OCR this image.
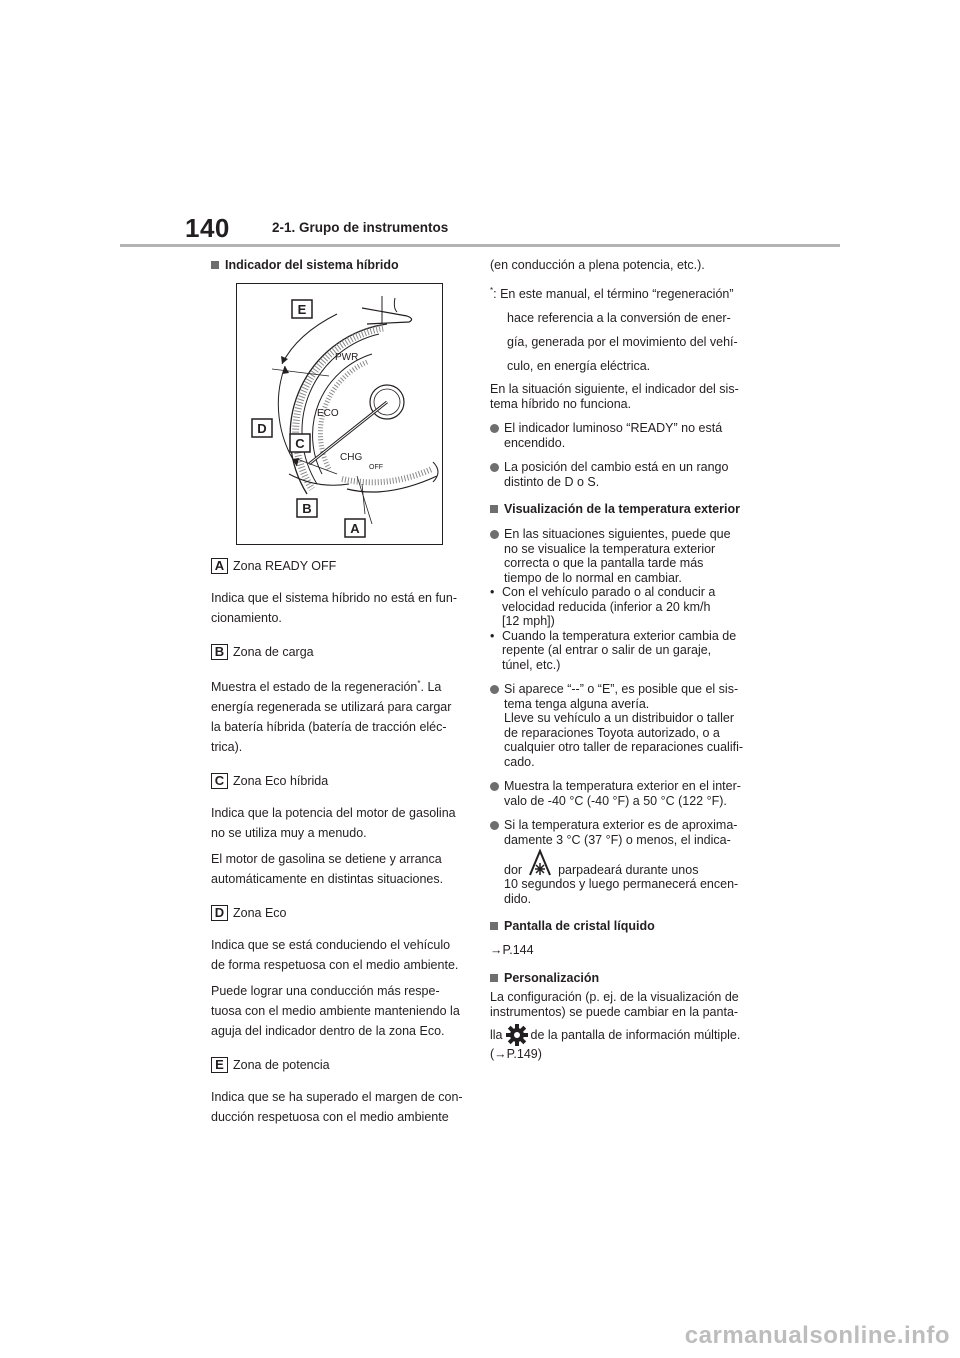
140	2-1. Grupo de instrumentos
Indicador del sistema híbrido
PWR
ECO
CHG
OFF
E
D
C
B
A
A Zona READY OFF

Indica que el sistema híbrido no está en fun-

cionamiento.

B Zona de carga

Muestra el estado de la regeneración*. La

energía regenerada se utilizará para cargar

la batería híbrida (batería de tracción eléc-

trica).

C Zona Eco híbrida

Indica que la potencia del motor de gasolina

no se utiliza muy a menudo.

El motor de gasolina se detiene y arranca

automáticamente en distintas situaciones.

D Zona Eco

Indica que se está conduciendo el vehículo

de forma respetuosa con el medio ambiente.

Puede lograr una conducción más respe-

tuosa con el medio ambiente manteniendo la

aguja del indicador dentro de la zona Eco.

E Zona de potencia

Indica que se ha superado el margen de con-

ducción respetuosa con el medio ambiente

(en conducción a plena potencia, etc.).

*: En este manual, el término “regeneración”

hace referencia a la conversión de ener-

gía, generada por el movimiento del vehí-

culo, en energía eléctrica.

En la situación siguiente, el indicador del sis-

tema híbrido no funciona.

El indicador luminoso “READY” no está

encendido.

La posición del cambio está en un rango

distinto de D o S.

Visualización de la temperatura exterior

En las situaciones siguientes, puede que

no se visualice la temperatura exterior

correcta o que la pantalla tarde más

tiempo de lo normal en cambiar.

• Con el vehículo parado o al conducir a

velocidad reducida (inferior a 20 km/h

[12 mph])

• Cuando la temperatura exterior cambia de

repente (al entrar o salir de un garaje,

túnel, etc.)

Si aparece “--” o “E”, es posible que el sis-

tema tenga alguna avería.

Lleve su vehículo a un distribuidor o taller

de reparaciones Toyota autorizado, o a

cualquier otro taller de reparaciones cualifi-

cado.

Muestra la temperatura exterior en el inter-

valo de -40 °C (-40 °F) a 50 °C (122 °F).

Si la temperatura exterior es de aproxima-

damente 3 °C (37 °F) o menos, el indica-

dor	parpadeará durante unos

10 segundos y luego permanecerá encen-

dido.

Pantalla de cristal líquido

→P.144

Personalización

La configuración (p. ej. de la visualización de

instrumentos) se puede cambiar en la panta-

lla de la pantalla de información múltiple.

(→P.149)

carmanualsonline.info
